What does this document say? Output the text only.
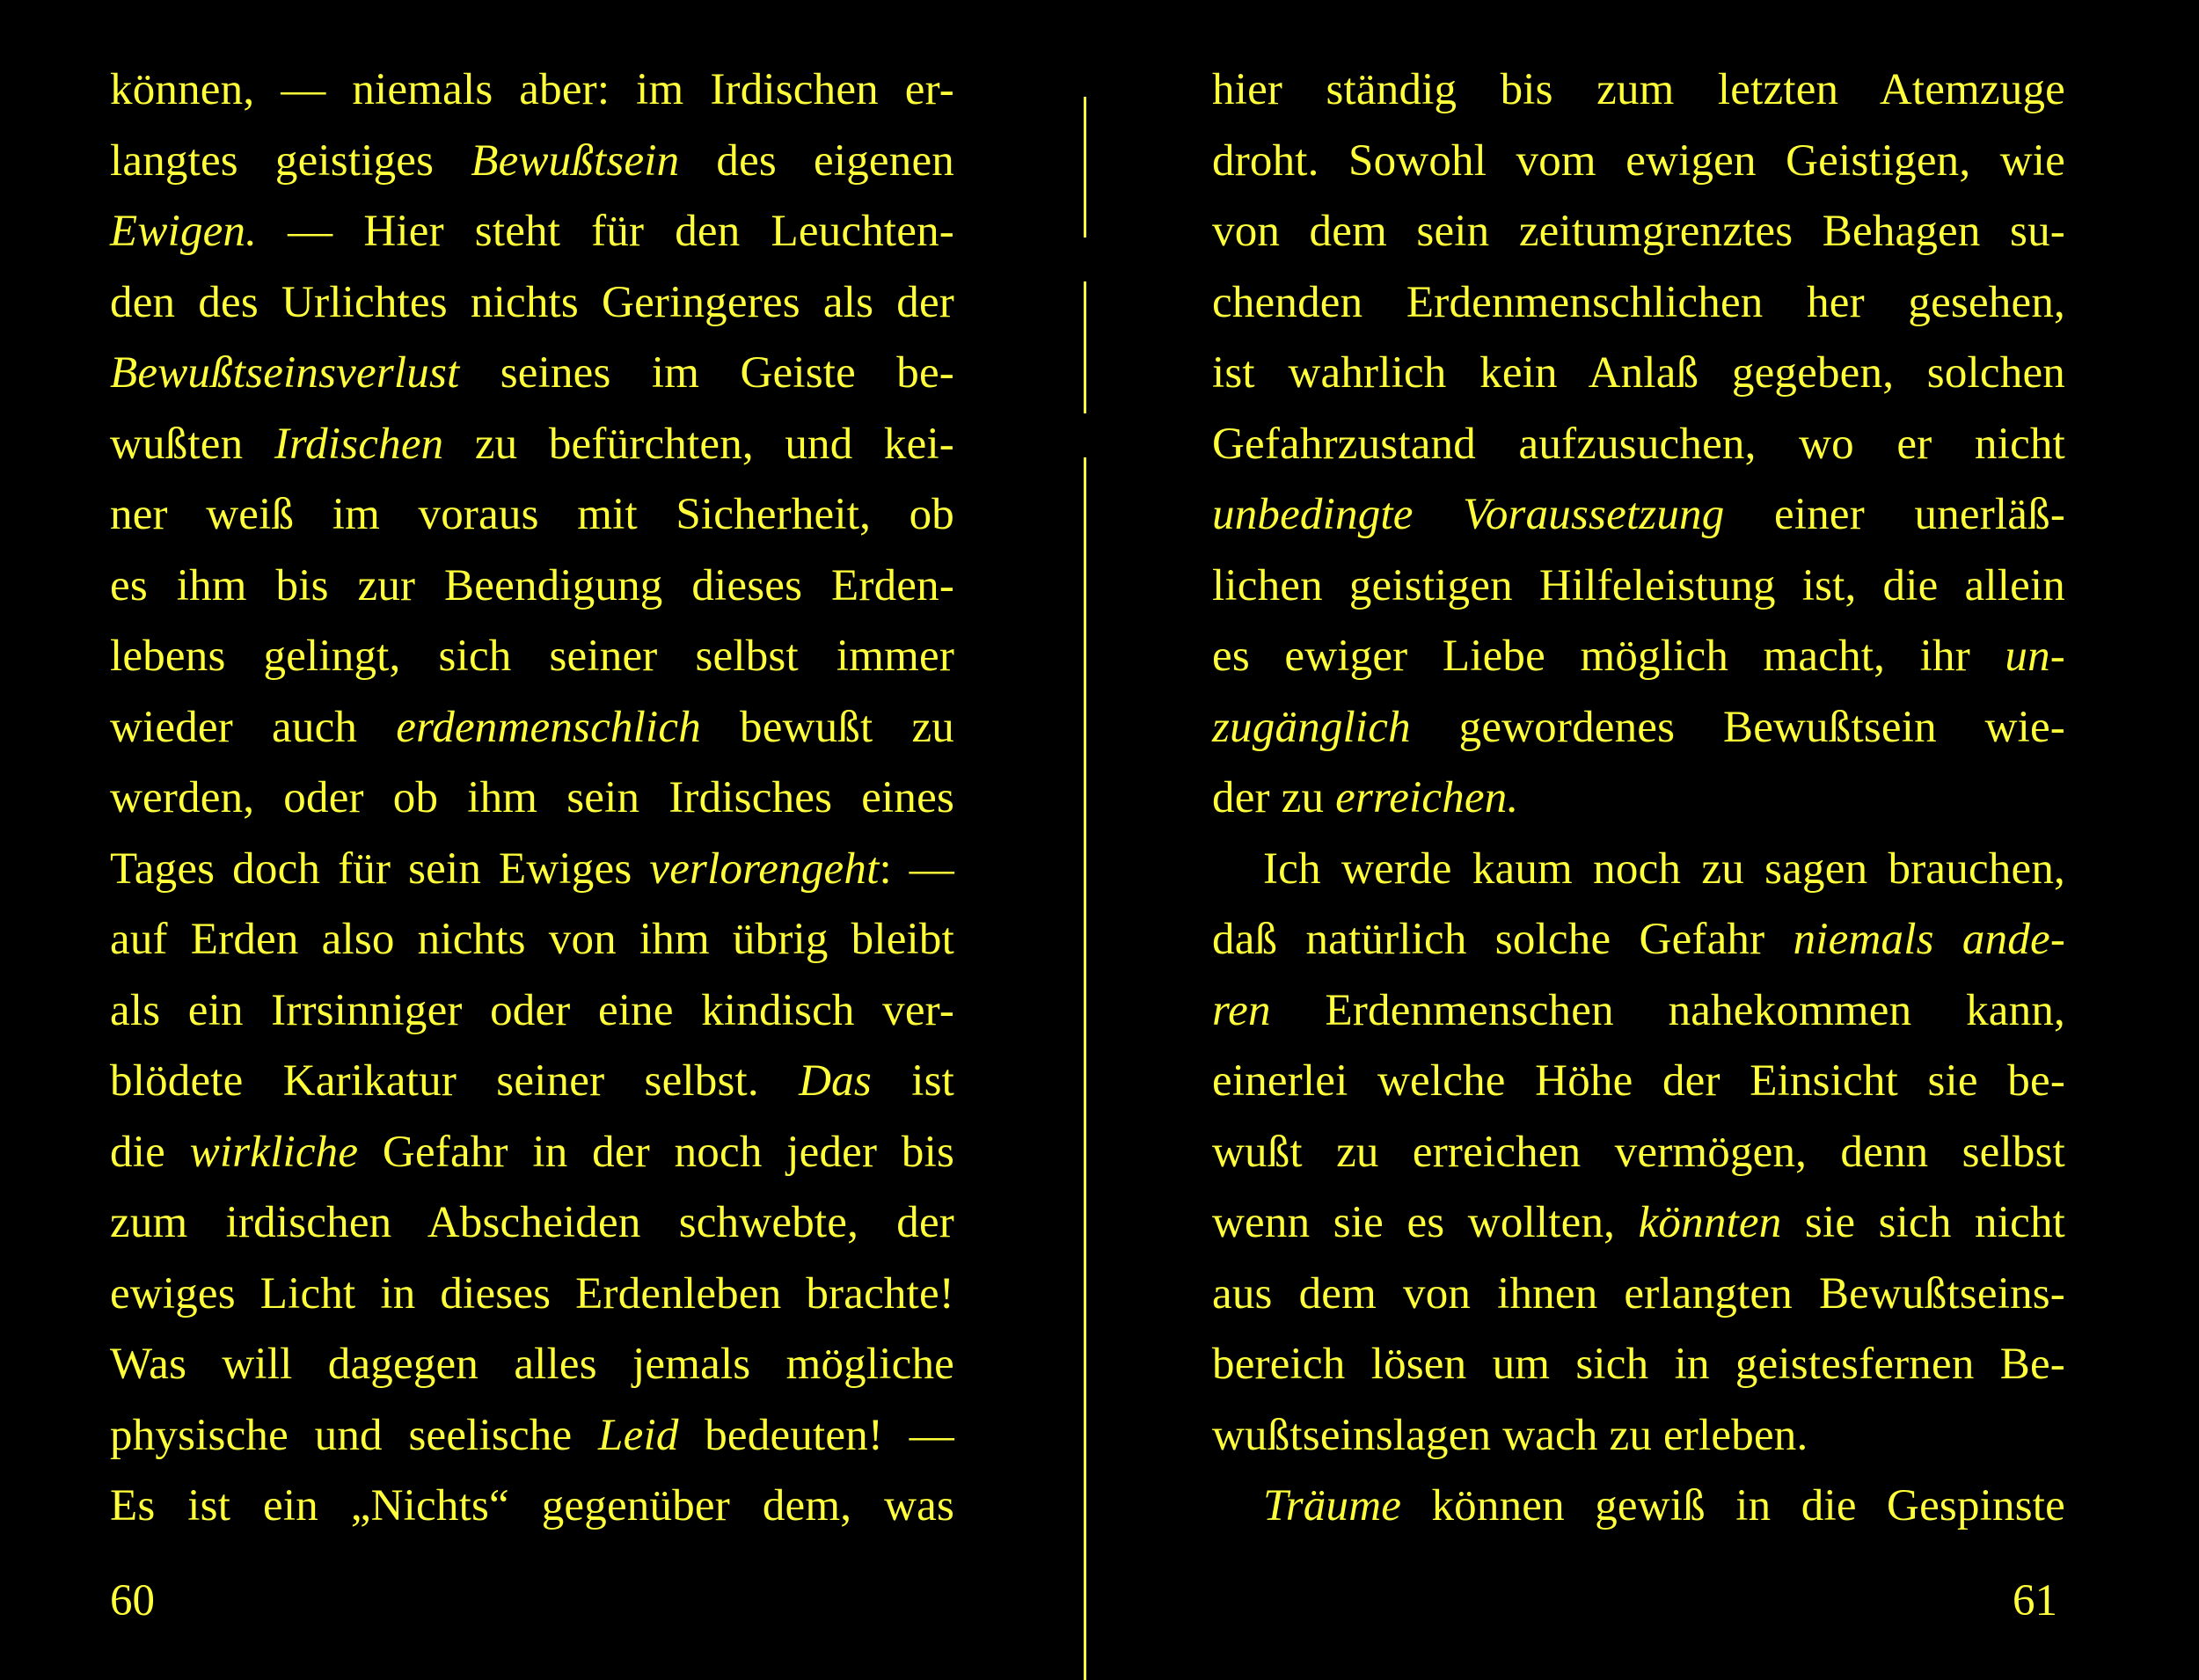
können, — niemals aber: im Irdischen er-
langtes geistiges Bewußtsein des eigenen
Ewigen. — Hier steht für den Leuchten-
den des Urlichtes nichts Geringeres als der
Bewußtseinsverlust seines im Geiste be-
wußten Irdischen zu befürchten, und kei-
ner weiß im voraus mit Sicherheit, ob
es ihm bis zur Beendigung dieses Erden-
lebens gelingt, sich seiner selbst immer
wieder auch erdenmenschlich bewußt zu
werden, oder ob ihm sein Irdisches eines
Tages doch für sein Ewiges verlorengeht: —
auf Erden also nichts von ihm übrig bleibt
als ein Irrsinniger oder eine kindisch ver-
blödete Karikatur seiner selbst. Das ist
die wirkliche Gefahr in der noch jeder bis
zum irdischen Abscheiden schwebte, der
ewiges Licht in dieses Erdenleben brachte!
Was will dagegen alles jemals mögliche
physische und seelische Leid bedeuten! —
Es ist ein „Nichts“ gegenüber dem, was
60
hier ständig bis zum letzten Atemzuge
droht. Sowohl vom ewigen Geistigen, wie
von dem sein zeitumgrenztes Behagen su-
chenden Erdenmenschlichen her gesehen,
ist wahrlich kein Anlaß gegeben, solchen
Gefahrzustand aufzusuchen, wo er nicht
unbedingte Voraussetzung einer unerläß-
lichen geistigen Hilfeleistung ist, die allein
es ewiger Liebe möglich macht, ihr un-
zugänglich gewordenes Bewußtsein wie-
der zu erreichen.
Ich werde kaum noch zu sagen brauchen,
daß natürlich solche Gefahr niemals ande-
ren Erdenmenschen nahekommen kann,
einerlei welche Höhe der Einsicht sie be-
wußt zu erreichen vermögen, denn selbst
wenn sie es wollten, könnten sie sich nicht
aus dem von ihnen erlangten Bewußtseins-
bereich lösen um sich in geistesfernen Be-
wußtseinslagen wach zu erleben.
Träume können gewiß in die Gespinste
61
